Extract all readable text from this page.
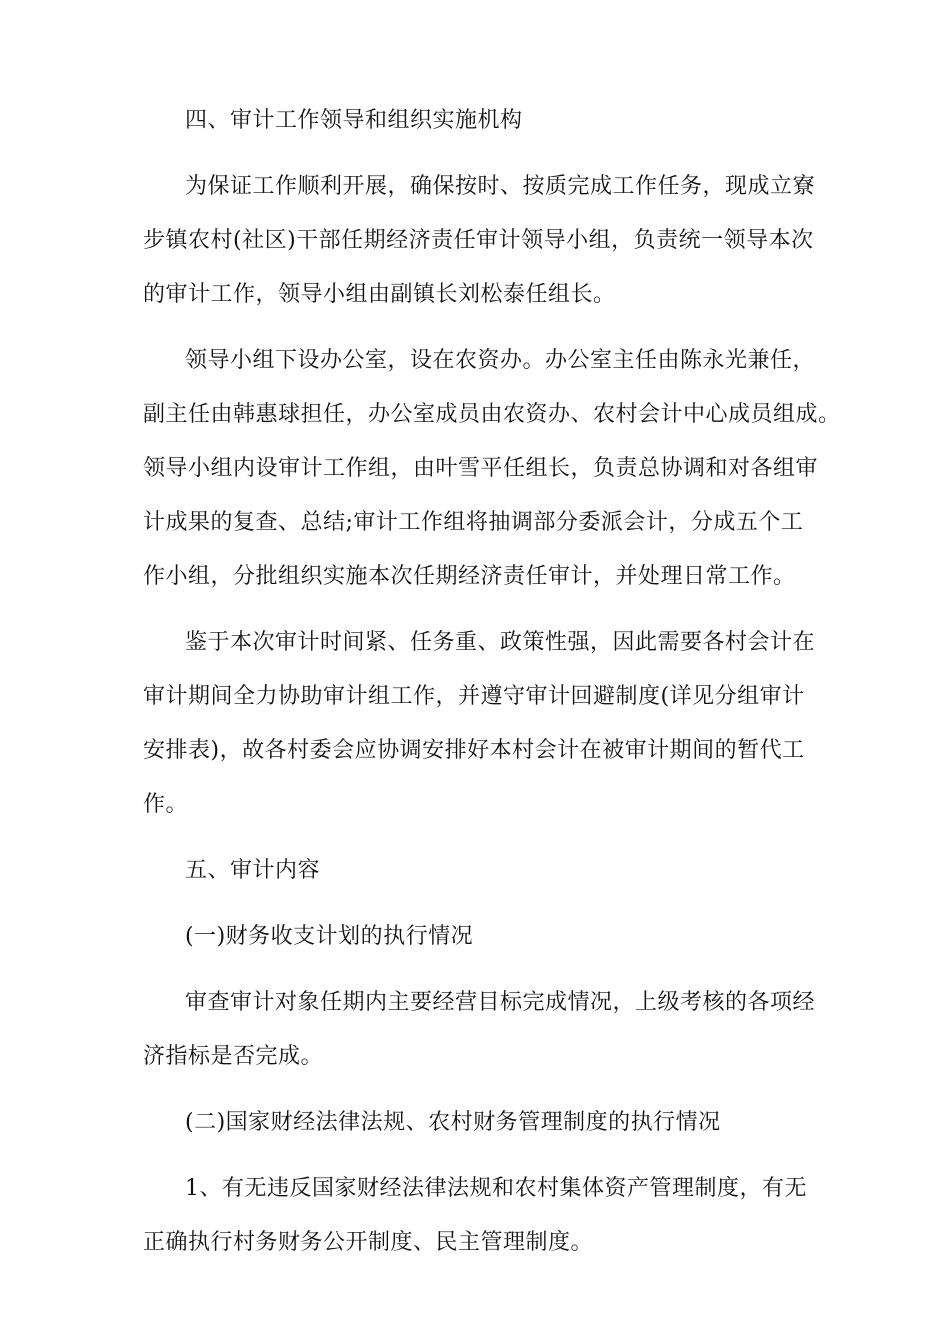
四、审计工作领导和组织实施机构
为保证工作顺利开展，确保按时、按质完成工作任务，现成立寮
步镇农村(社区)干部任期经济责任审计领导小组，负责统一领导本次
的审计工作，领导小组由副镇长刘松泰任组长。
领导小组下设办公室，设在农资办。办公室主任由陈永光兼任，
副主任由韩惠球担任，办公室成员由农资办、农村会计中心成员组成。
领导小组内设审计工作组，由叶雪平任组长，负责总协调和对各组审
计成果的复查、总结;审计工作组将抽调部分委派会计，分成五个工
作小组，分批组织实施本次任期经济责任审计，并处理日常工作。
鉴于本次审计时间紧、任务重、政策性强，因此需要各村会计在
审计期间全力协助审计组工作，并遵守审计回避制度(详见分组审计
安排表)，故各村委会应协调安排好本村会计在被审计期间的暂代工
作。
五、审计内容
(一)财务收支计划的执行情况
审查审计对象任期内主要经营目标完成情况，上级考核的各项经
济指标是否完成。
(二)国家财经法律法规、农村财务管理制度的执行情况
1、有无违反国家财经法律法规和农村集体资产管理制度，有无
正确执行村务财务公开制度、民主管理制度。
